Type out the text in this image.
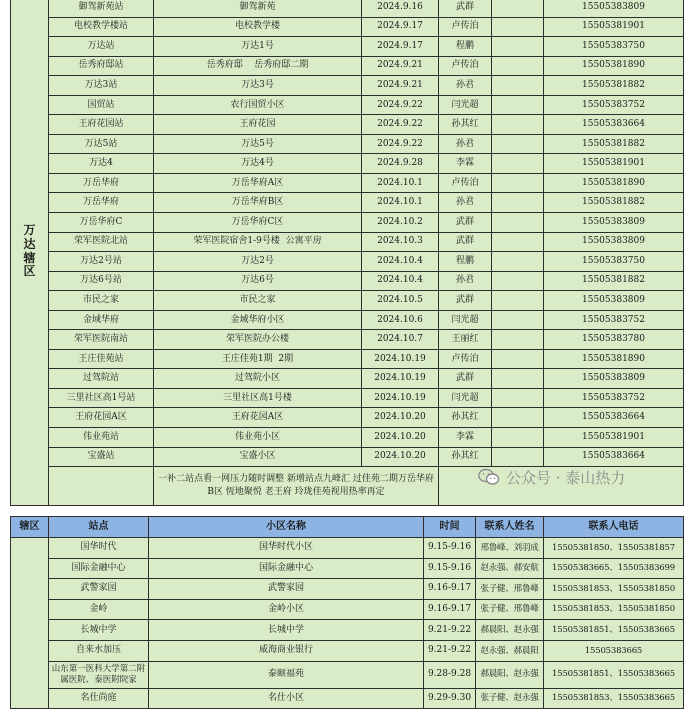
万达辖区	御驾新苑站	御驾新苑	2024.9.16	武群		15505383809
	电校教学楼站	电校教学楼	2024.9.17	卢传泊		15505381901
	万达站	万达1号	2024.9.17	程鹏		15505383750
	岳秀府邸站	岳秀府邸    岳秀府邸二期	2024.9.21	卢传泊		15505381890
	万达3站	万达3号	2024.9.21	孙君		15505381882
	国贸站	农行国贸小区	2024.9.22	闫光超		15505383752
	王府花园站	王府花园	2024.9.22	孙其红		15505383664
	万达5站	万达5号	2024.9.22	孙君		15505381882
	万达4	万达4号	2024.9.28	李霖		15505381901
	万岳华府	万岳华府A区	2024.10.1	卢传泊		15505381890
	万岳华府	万岳华府B区	2024.10.1	孙君		15505381882
	万岳华府C	万岳华府C区	2024.10.2	武群		15505383809
	荣军医院北站	荣军医院宿舍1-9号楼  公寓平房	2024.10.3	武群		15505383809
	万达2号站	万达2号	2024.10.4	程鹏		15505383750
	万达6号站	万达6号	2024.10.4	孙君		15505381882
	市民之家	市民之家	2024.10.5	武群		15505383809
	金域华府	金域华府小区	2024.10.6	闫光超		15505383752
	荣军医院南站	荣军医院办公楼	2024.10.7	王丽红		15505383780
	王庄佳苑站	王庄佳苑1期  2期	2024.10.19	卢传泊		15505381890
	过驾院站	过驾院小区	2024.10.19	武群		15505383809
	三里社区高1号站	三里社区高1号楼	2024.10.19	闫光超		15505383752
	王府花园A区	王府花园A区	2024.10.20	孙其红		15505383664
	伟业苑站	伟业苑小区	2024.10.20	李霖		15505381901
	宝盛站	宝盛小区	2024.10.20	孙其红		15505383664
		一补二站点看一网压力随时调整 新增站点九峰汇 过佳苑二期万岳华府B区 恆地聚悦 老王府 玲珑佳苑视用热率再定				
公众号 · 泰山热力
辖区	站点	小区名称	时间	联系人姓名	联系人电话
	国华时代	国华时代小区	9.15-9.16	邢鲁峰、刘羽成	15505381850、15505381857
	国际金融中心	国际金融中心	9.15-9.16	赵永强、郝安航	15505383665、15505383699
	武警家园	武警家园	9.16-9.17	张子健、邢鲁峰	15505381853、15505381850
	金岭	金岭小区	9.16-9.17	张子健、邢鲁峰	15505381853、15505381850
	长城中学	长城中学	9.21-9.22	郝晨阳、赵永强	15505381851、15505383665
	自来水加压	威海商业银行	9.21-9.22	赵永强、郝晨阳	15505383665
	山东第一医科大学第二附属医院、泰医附院家	泰颐福苑	9.28-9.28	郝晨阳、赵永强	15505381851、15505383665
	名仕尚庭	名仕小区	9.29-9.30	张子健、赵永强	15505381853、15505383665
